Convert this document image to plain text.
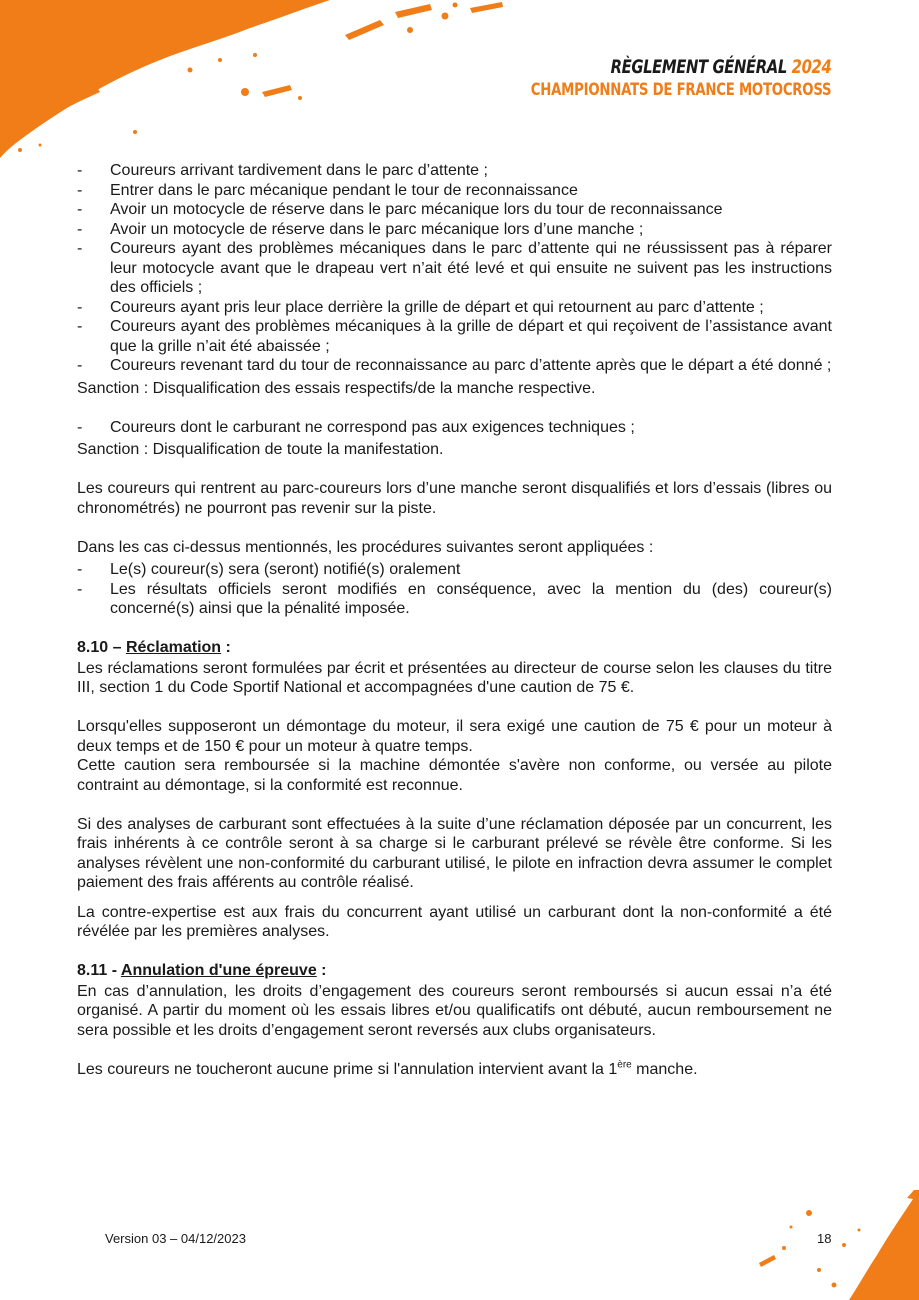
RÈGLEMENT GÉNÉRAL 2024
CHAMPIONNATS DE FRANCE MOTOCROSS
- Coureurs arrivant tardivement dans le parc d’attente ;
- Entrer dans le parc mécanique pendant le tour de reconnaissance
- Avoir un motocycle de réserve dans le parc mécanique lors du tour de reconnaissance
- Avoir un motocycle de réserve dans le parc mécanique lors d’une manche ;
- Coureurs ayant des problèmes mécaniques dans le parc d’attente qui ne réussissent pas à réparer leur motocycle avant que le drapeau vert n’ait été levé et qui ensuite ne suivent pas les instructions des officiels ;
- Coureurs ayant pris leur place derrière la grille de départ et qui retournent au parc d’attente ;
- Coureurs ayant des problèmes mécaniques à la grille de départ et qui reçoivent de l’assistance avant que la grille n’ait été abaissée ;
- Coureurs revenant tard du tour de reconnaissance au parc d’attente après que le départ a été donné ;

Sanction : Disqualification des essais respectifs/de la manche respective.

- Coureurs dont le carburant ne correspond pas aux exigences techniques ;

Sanction : Disqualification de toute la manifestation.

Les coureurs qui rentrent au parc-coureurs lors d’une manche seront disqualifiés et lors d’essais (libres ou chronométrés) ne pourront pas revenir sur la piste.

Dans les cas ci-dessus mentionnés, les procédures suivantes seront appliquées :

- Le(s) coureur(s) sera (seront) notifié(s) oralement
- Les résultats officiels seront modifiés en conséquence, avec la mention du (des) coureur(s) concerné(s) ainsi que la pénalité imposée.
8.10 – Réclamation :

Les réclamations seront formulées par écrit et présentées au directeur de course selon les clauses du titre III, section 1 du Code Sportif National et accompagnées d'une caution de 75 €.

Lorsqu'elles supposeront un démontage du moteur, il sera exigé une caution de 75 € pour un moteur à deux temps et de 150 € pour un moteur à quatre temps.

Cette caution sera remboursée si la machine démontée s'avère non conforme, ou versée au pilote contraint au démontage, si la conformité est reconnue.

Si des analyses de carburant sont effectuées à la suite d’une réclamation déposée par un concurrent, les frais inhérents à ce contrôle seront à sa charge si le carburant prélevé se révèle être conforme. Si les analyses révèlent une non-conformité du carburant utilisé, le pilote en infraction devra assumer le complet paiement des frais afférents au contrôle réalisé.

La contre-expertise est aux frais du concurrent ayant utilisé un carburant dont la non-conformité a été révélée par les premières analyses.

8.11 - Annulation d'une épreuve :

En cas d’annulation, les droits d’engagement des coureurs seront remboursés si aucun essai n’a été organisé. A partir du moment où les essais libres et/ou qualificatifs ont débuté, aucun remboursement ne sera possible et les droits d’engagement seront reversés aux clubs organisateurs.

Les coureurs ne toucheront aucune prime si l'annulation intervient avant la 1ère manche.

Version 03 – 04/12/2023	18
